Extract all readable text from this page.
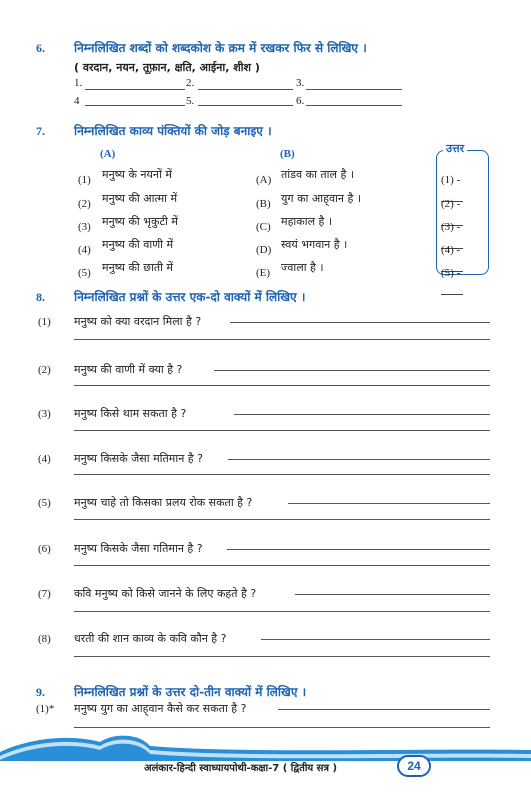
6. निम्नलिखित शब्दों को शब्दकोश के क्रम में रखकर फिर से लिखिए ।
( वरदान, नयन, तूफ़ान, क्षति, आईना, शीश )
1.	2.	3.
4	5.	6.
7. निम्नलिखित काव्य पंक्तियों की जोड़ बनाइए ।
(A)	(B)	उत्तर
(1) मनुष्य के नयनों में	(A) तांडव का ताल है ।	(1) -
(2) मनुष्य की आत्मा में	(B) युग का आह्‌वान है ।	(2) -
(3) मनुष्य की भृकुटी में	(C) महाकाल है ।	(3) -
(4) मनुष्य की वाणी में	(D) स्वयं भगवान है ।	(4) -
(5) मनुष्य की छाती में	(E) ज्वाला है ।	(5) -
8. निम्नलिखित प्रश्नों के उत्तर एक-दो वाक्यों में लिखिए ।
(1) मनुष्य को क्या वरदान मिला है ?
(2) मनुष्य की वाणी में क्या है ?
(3) मनुष्य किसे थाम सकता है ?
(4) मनुष्य किसके जैसा मतिमान है ?
(5) मनुष्य चाहे तो किसका प्रलय रोक सकता है ?
(6) मनुष्य किसके जैसा गतिमान है ?
(7) कवि मनुष्य को किसे जानने के लिए कहते है ?
(8) धरती की शान काव्य के कवि कौन है ?
9. निम्नलिखित प्रश्नों के उत्तर दो-तीन वाक्यों में लिखिए ।
(1)* मनुष्य युग का आह्‌वान कैसे कर सकता है ?
अलंकार-हिन्दी स्वाध्यायपोथी-कक्षा-7 ( द्वितीय सत्र )	24
